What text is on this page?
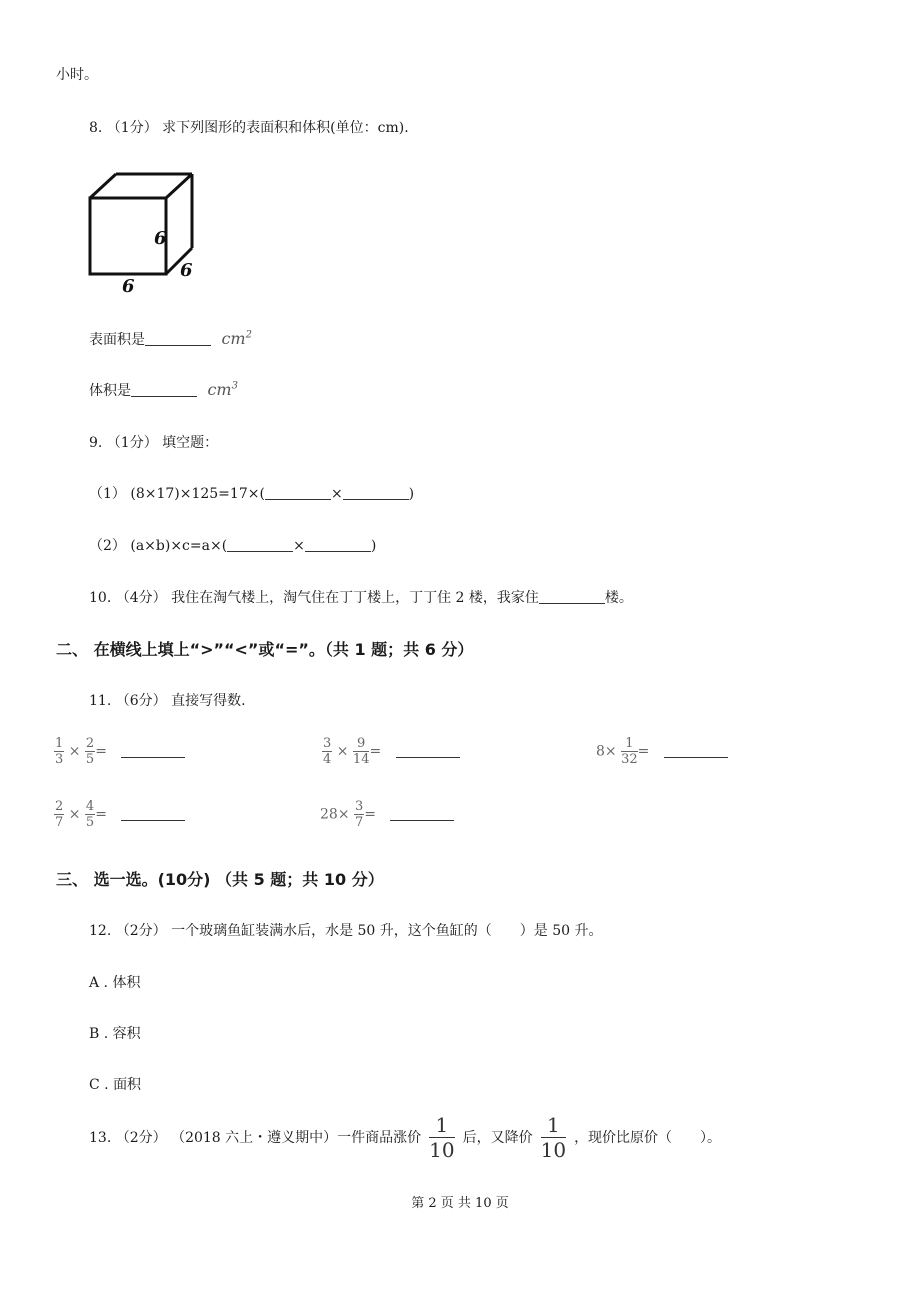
小时。
8. （1分） 求下列图形的表面积和体积(单位：cm).
6
6
6
表面积是	$cm^2$
体积是	$cm^3$
9. （1分） 填空题：
（1） (8×17)×125=17×(	×	)
（2） (a×b)×c=a×(	×	)
10. （4分） 我住在淘气楼上，淘气住在丁丁楼上，丁丁住 2 楼，我家住	楼。
二、 在横线上填上“>”“<”或“=”。（共 1 题；共 6 分）
11. （6分） 直接写得数.
$\frac{1}{3} \times \frac{2}{5}$ =	$\frac{3}{4} \times \frac{9}{14}$ =	$8\times \frac{1}{32}$ =
$\frac{2}{7} \times \frac{4}{5}$ =	$28\times \frac{3}{7}$ =
三、 选一选。(10分) （共 5 题；共 10 分）
12. （2分） 一个玻璃鱼缸装满水后，水是 50 升，这个鱼缸的（　　）是 50 升。
A . 体积
B . 容积
C . 面积
13. （2分） （2018 六上・遵义期中）一件商品涨价 $\frac{1}{10}$ 后，又降价 $\frac{1}{10}$ ，现价比原价（　　）。
第 2 页 共 10 页
